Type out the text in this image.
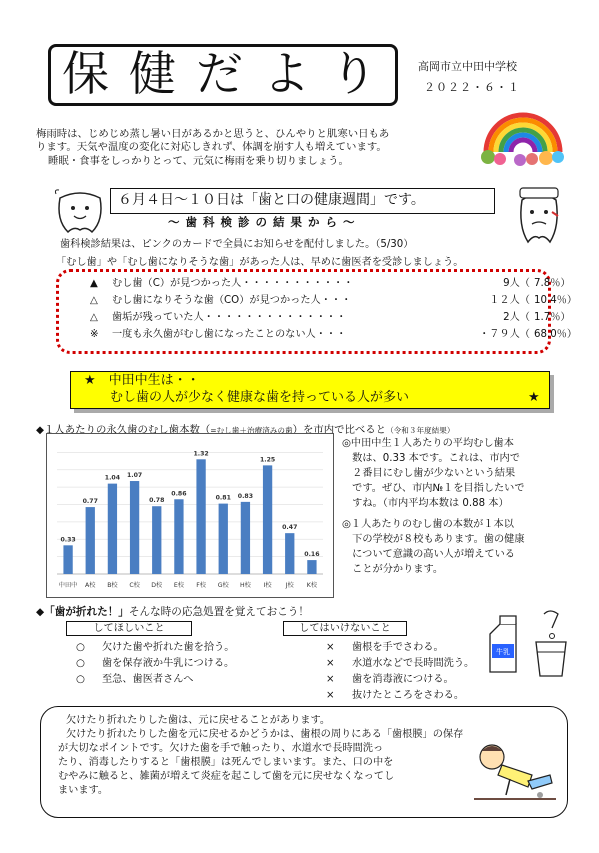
保健だより 高岡市立中田中学校
２０２２・６・１
梅雨時は、じめじめ蒸し暑い日があるかと思うと、ひんやりと肌寒い日もあ
ります。天気や温度の変化に対応しきれず、体調を崩す人も増えています。
睡眠・食事をしっかりとって、元気に梅雨を乗り切りましょう。
６月４日～１０日は「歯と口の健康週間」です。
～ 歯 科 検 診 の 結 果 か ら ～
歯科検診結果は、ピンクのカードで全員にお知らせを配付しました。（5/30）
「むし歯」や「むし歯になりそうな歯」があった人は、早めに歯医者を受診しましょう。
▲ むし歯（C）が見つかった人・・・・・・・・・・・	9人（ 7.8％）
△ むし歯になりそうな歯（CO）が見つかった人・・・	１２人（ 10.4％）
△ 歯垢が残っていた人・・・・・・・・・・・・・・	2人（ 1.7％）
※ 一度も永久歯がむし歯になったことのない人・・・	・７９人（ 68.0％）
★　中田中生は・・
むし歯の人が少なく健康な歯を持っている人が多い	★
◆１人あたりの永久歯のむし歯本数（=むし歯＋治療済みの歯）を市内で比べると（令和３年度結果）
0.33
中田中
0.77
A校
1.04
B校
1.07
C校
0.78
D校
0.86
E校
1.32
F校
0.81
G校
0.83
H校
1.25
I校
0.47
J校
0.16
K校
◎中田中生１人あたりの平均むし歯本
　数は、0.33 本です。これは、市内で
　２番目にむし歯が少ないという結果
　です。ぜひ、市内№１を目指したいで
　すね。（市内平均本数は 0.88 本）
◎１人あたりのむし歯の本数が１本以
　下の学校が８校もあります。歯の健康
　について意識の高い人が増えている
　ことが分かります。
◆「歯が折れた！」そんな時の応急処置を覚えておこう！
してほしいこと	してはいけないこと
○ 欠けた歯や折れた歯を拾う。
○ 歯を保存液か牛乳につける。
○ 至急、歯医者さんへ
× 歯根を手でさわる。
× 水道水などで長時間洗う。
× 歯を消毒液につける。
× 抜けたところをさわる。
牛乳
欠けたり折れたりした歯は、元に戻せることがあります。
欠けたり折れたりした歯を元に戻せるかどうかは、歯根の周りにある「歯根膜」の保存
が大切なポイントです。欠けた歯を手で触ったり、水道水で長時間洗っ
たり、消毒したりすると「歯根膜」は死んでしまいます。また、口の中を
むやみに触ると、雑菌が増えて炎症を起こして歯を元に戻せなくなってし
まいます。
